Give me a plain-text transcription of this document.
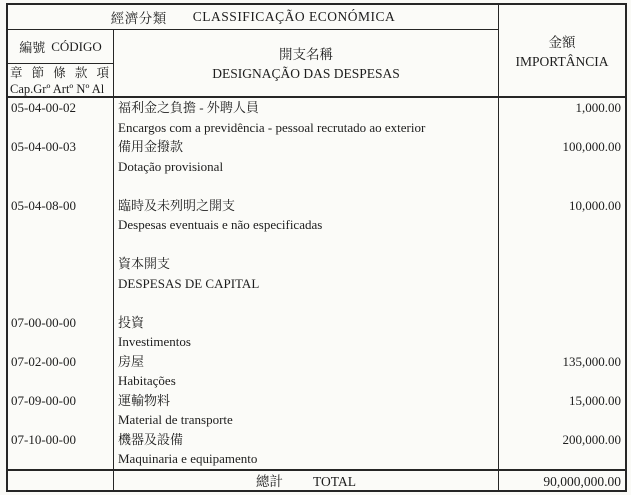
經濟分類 CLASSIFICAÇÃO ECONÓMICA
編號 CÓDIGO
章 節 條 款 項
Cap.Grº Artº Nº Al
開支名稱
DESIGNAÇÃO DAS DESPESAS
金額
IMPORTÂNCIA
05-04-00-02	福利金之負擔 - 外聘人員	1,000.00
Encargos com a previdência - pessoal recrutado ao exterior
05-04-00-03	備用金撥款	100,000.00
Dotação provisional
05-04-08-00	臨時及未列明之開支	10,000.00
Despesas eventuais e não especificadas
資本開支
DESPESAS DE CAPITAL
07-00-00-00	投資
Investimentos
07-02-00-00	房屋	135,000.00
Habitações
07-09-00-00	運輸物料	15,000.00
Material de transporte
07-10-00-00	機器及設備	200,000.00
Maquinaria e equipamento
總計 TOTAL	90,000,000.00
